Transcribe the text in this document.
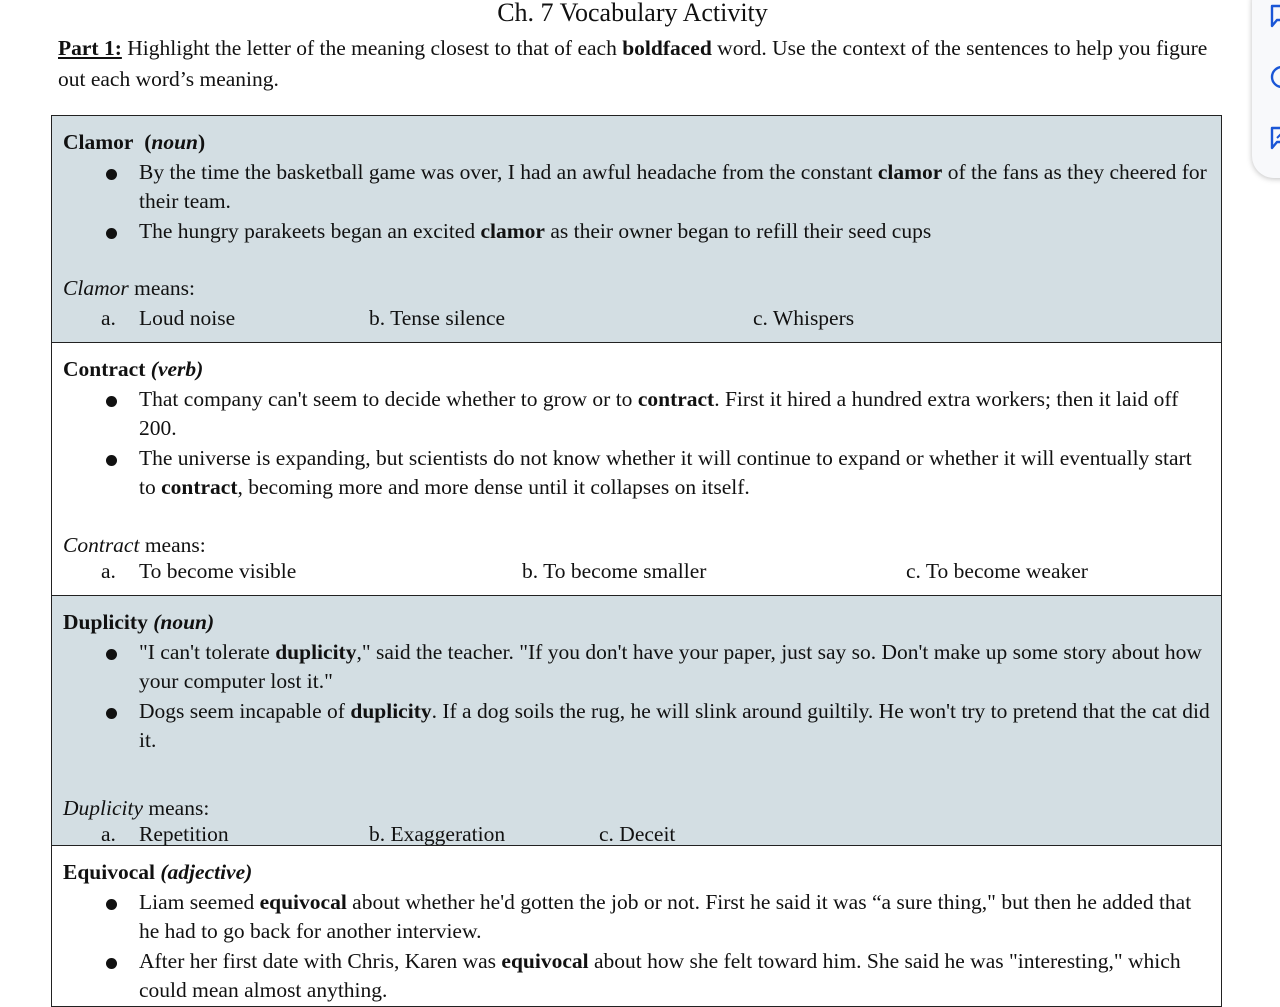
Ch. 7 Vocabulary Activity
Part 1: Highlight the letter of the meaning closest to that of each boldfaced word. Use the context of the sentences to help you figure out each word’s meaning.
Clamor  (noun)
By the time the basketball game was over, I had an awful headache from the constant clamor of the fans as they cheered for their team.
The hungry parakeets began an excited clamor as their owner began to refill their seed cups
Clamor means:
a. Loud noise	b. Tense silence	c. Whispers
Contract (verb)
That company can't seem to decide whether to grow or to contract. First it hired a hundred extra workers; then it laid off 200.
The universe is expanding, but scientists do not know whether it will continue to expand or whether it will eventually start to contract, becoming more and more dense until it collapses on itself.
Contract means:
a. To become visible	b. To become smaller	c. To become weaker
Duplicity (noun)
"I can't tolerate duplicity," said the teacher. "If you don't have your paper, just say so. Don't make up some story about how your computer lost it."
Dogs seem incapable of duplicity. If a dog soils the rug, he will slink around guiltily. He won't try to pretend that the cat did it.
Duplicity means:
a. Repetition	b. Exaggeration	c. Deceit
Equivocal (adjective)
Liam seemed equivocal about whether he'd gotten the job or not. First he said it was “a sure thing," but then he added that he had to go back for another interview.
After her first date with Chris, Karen was equivocal about how she felt toward him. She said he was "interesting," which could mean almost anything.
